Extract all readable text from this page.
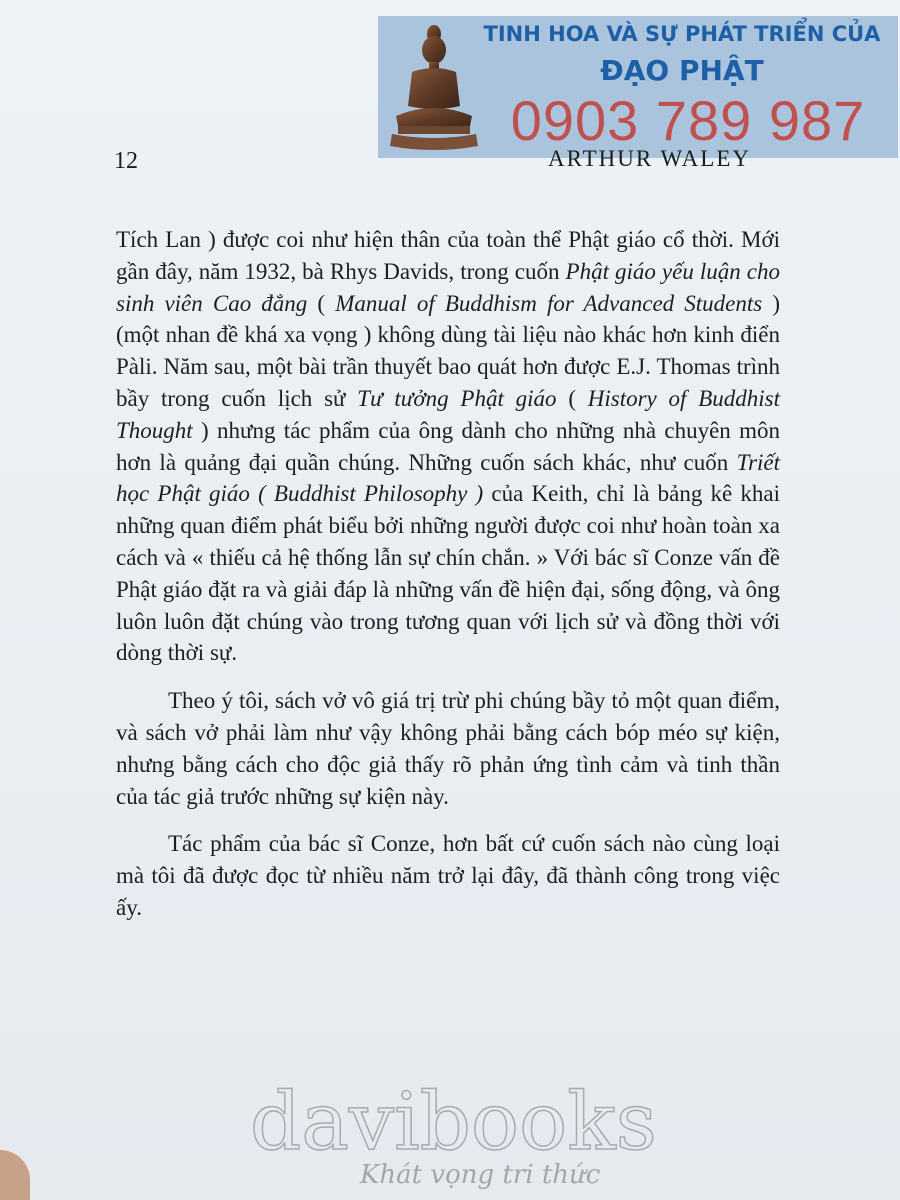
TINH HOA VÀ SỰ PHÁT TRIỂN CỦA
ĐẠO PHẬT
0903 789 987
12	ARTHUR WALEY

Tích Lan ) được coi như hiện thân của toàn thể Phật giáo cổ thời. Mới gần đây, năm 1932, bà Rhys Davids, trong cuốn Phật giáo yếu luận cho sinh viên Cao đẳng ( Manual of Buddhism for Advanced Students ) (một nhan đề khá xa vọng ) không dùng tài liệu nào khác hơn kinh điển Pàli. Năm sau, một bài trần thuyết bao quát hơn được E.J. Thomas trình bầy trong cuốn lịch sử Tư tưởng Phật giáo ( History of Buddhist Thought ) nhưng tác phẩm của ông dành cho những nhà chuyên môn hơn là quảng đại quần chúng. Những cuốn sách khác, như cuốn Triết học Phật giáo ( Buddhist Philosophy ) của Keith, chỉ là bảng kê khai những quan điểm phát biểu bởi những người được coi như hoàn toàn xa cách và « thiếu cả hệ thống lẫn sự chín chắn. » Với bác sĩ Conze vấn đề Phật giáo đặt ra và giải đáp là những vấn đề hiện đại, sống động, và ông luôn luôn đặt chúng vào trong tương quan với lịch sử và đồng thời với dòng thời sự.

Theo ý tôi, sách vở vô giá trị trừ phi chúng bầy tỏ một quan điểm, và sách vở phải làm như vậy không phải bằng cách bóp méo sự kiện, nhưng bằng cách cho độc giả thấy rõ phản ứng tình cảm và tinh thần của tác giả trước những sự kiện này.

Tác phẩm của bác sĩ Conze, hơn bất cứ cuốn sách nào cùng loại mà tôi đã được đọc từ nhiều năm trở lại đây, đã thành công trong việc ấy.

davibooks
Khát vọng tri thức
